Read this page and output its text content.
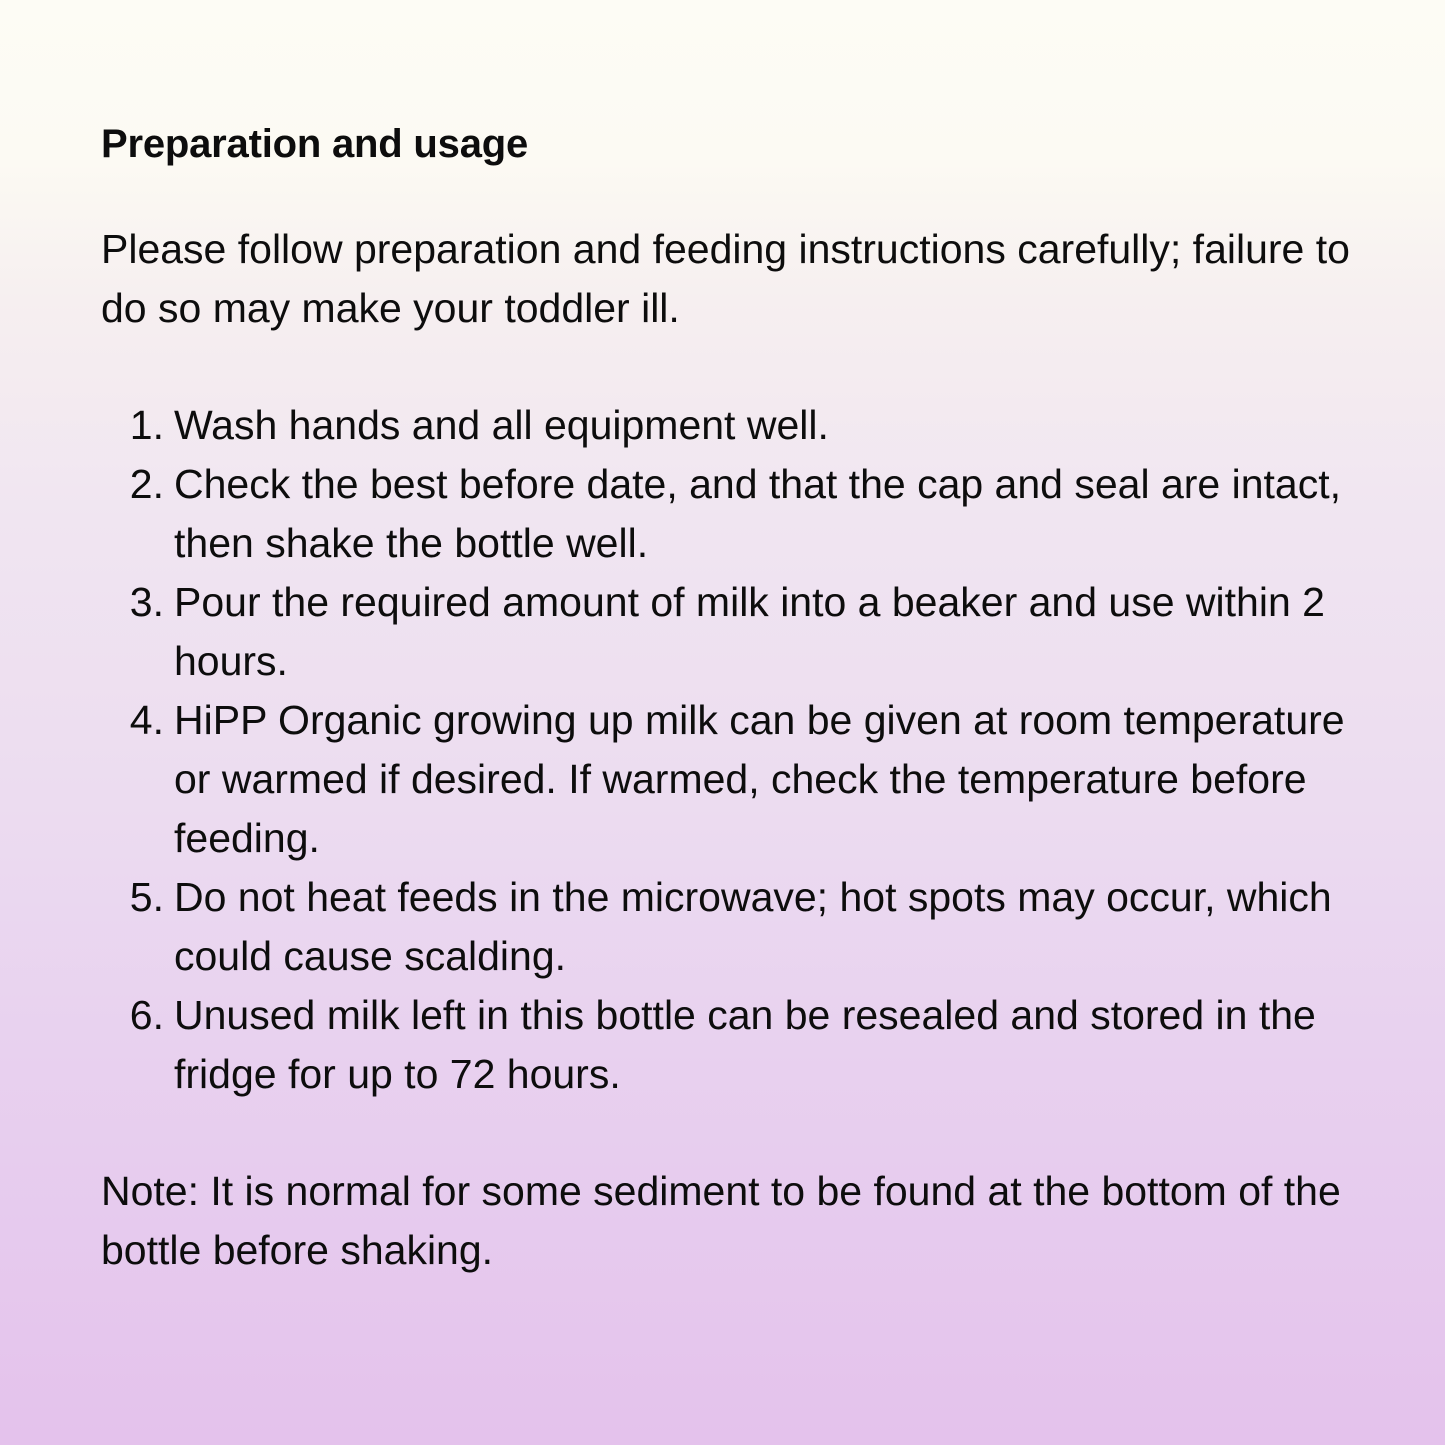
Preparation and usage

Please follow preparation and feeding instructions carefully; failure to do so may make your toddler ill.

1. Wash hands and all equipment well.
2. Check the best before date, and that the cap and seal are intact, then shake the bottle well.
3. Pour the required amount of milk into a beaker and use within 2 hours.
4. HiPP Organic growing up milk can be given at room temperature or warmed if desired. If warmed, check the temperature before feeding.
5. Do not heat feeds in the microwave; hot spots may occur, which could cause scalding.
6. Unused milk left in this bottle can be resealed and stored in the fridge for up to 72 hours.

Note: It is normal for some sediment to be found at the bottom of the bottle before shaking.
